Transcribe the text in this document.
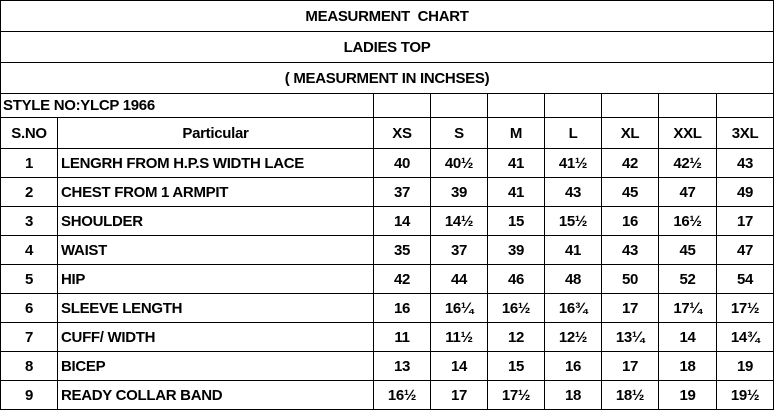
MEASURMENT  CHART								
LADIES TOP								
( MEASURMENT IN INCHSES)								
STYLE NO:YLCP 1966								
S.NO	Particular	XS	S	M	L	XL	XXL	3XL
1	LENGRH FROM H.P.S WIDTH LACE	40	40½	41	41½	42	42½	43
2	CHEST FROM 1 ARMPIT	37	39	41	43	45	47	49
3	SHOULDER	14	14½	15	15½	16	16½	17
4	WAIST	35	37	39	41	43	45	47
5	HIP	42	44	46	48	50	52	54
6	SLEEVE LENGTH	16	16¼	16½	16¾	17	17¼	17½
7	CUFF/ WIDTH	11	11½	12	12½	13¼	14	14¾
8	BICEP	13	14	15	16	17	18	19
9	READY COLLAR BAND	16½	17	17½	18	18½	19	19½
